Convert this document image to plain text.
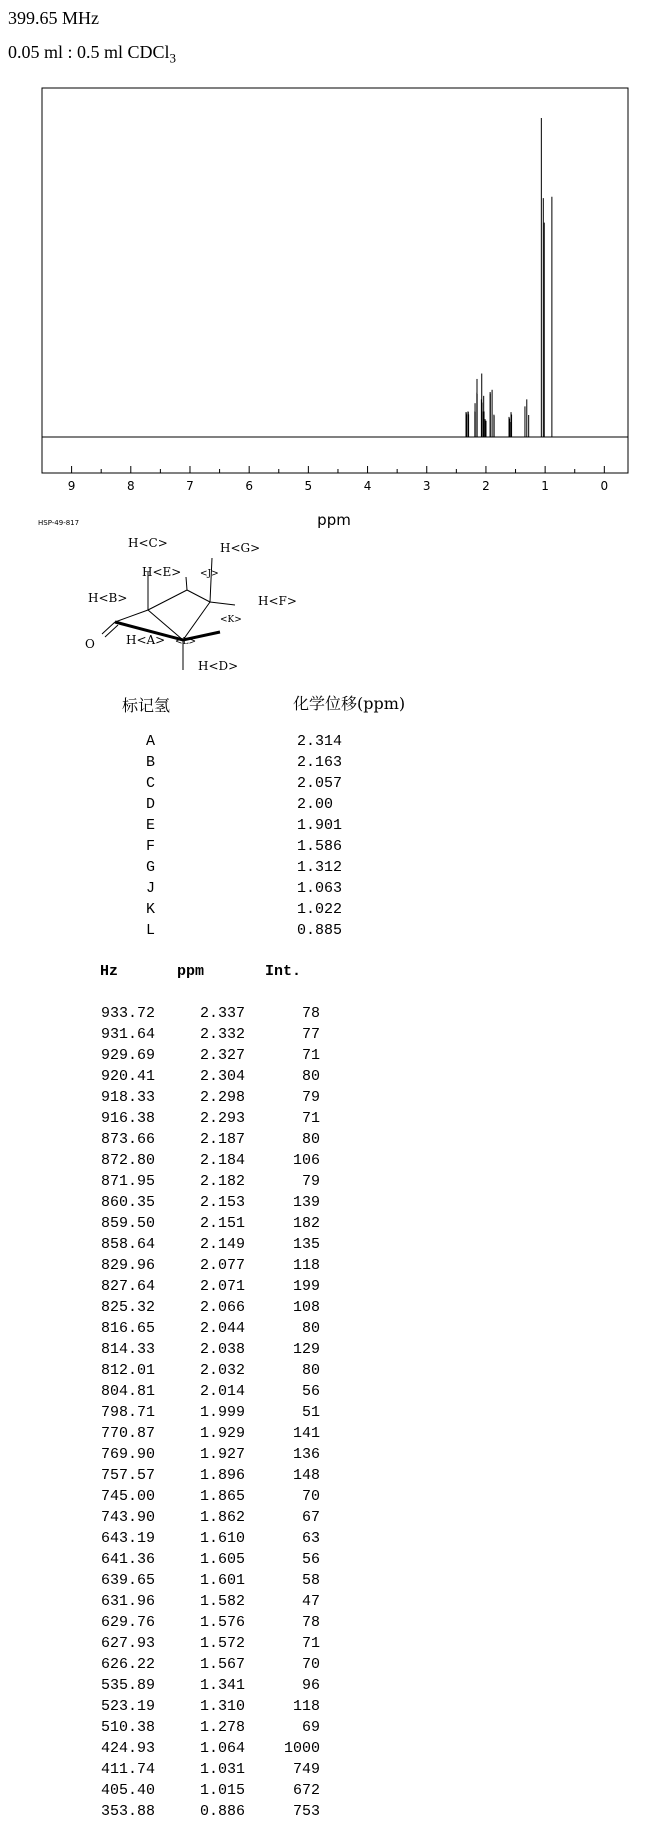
399.65 MHz
0.05 ml : 0.5 ml CDCl$_3$
9	8	7	6	5	4	3	2	1	0
ppm
HSP-49-817
H<C>	H<G>
H<E> <J>
H<B>	H<F>
<K>
H<A> <L>
O
H<D>
标记氢	化学位移(ppm)
A	2.314
B	2.163
C	2.057
D	2.00
E	1.901
F	1.586
G	1.312
J	1.063
K	1.022
L	0.885
Hz	ppm	Int.
933.72	2.337	78
931.64	2.332	77
929.69	2.327	71
920.41	2.304	80
918.33	2.298	79
916.38	2.293	71
873.66	2.187	80
872.80	2.184	106
871.95	2.182	79
860.35	2.153	139
859.50	2.151	182
858.64	2.149	135
829.96	2.077	118
827.64	2.071	199
825.32	2.066	108
816.65	2.044	80
814.33	2.038	129
812.01	2.032	80
804.81	2.014	56
798.71	1.999	51
770.87	1.929	141
769.90	1.927	136
757.57	1.896	148
745.00	1.865	70
743.90	1.862	67
643.19	1.610	63
641.36	1.605	56
639.65	1.601	58
631.96	1.582	47
629.76	1.576	78
627.93	1.572	71
626.22	1.567	70
535.89	1.341	96
523.19	1.310	118
510.38	1.278	69
424.93	1.064	1000
411.74	1.031	749
405.40	1.015	672
353.88	0.886	753
